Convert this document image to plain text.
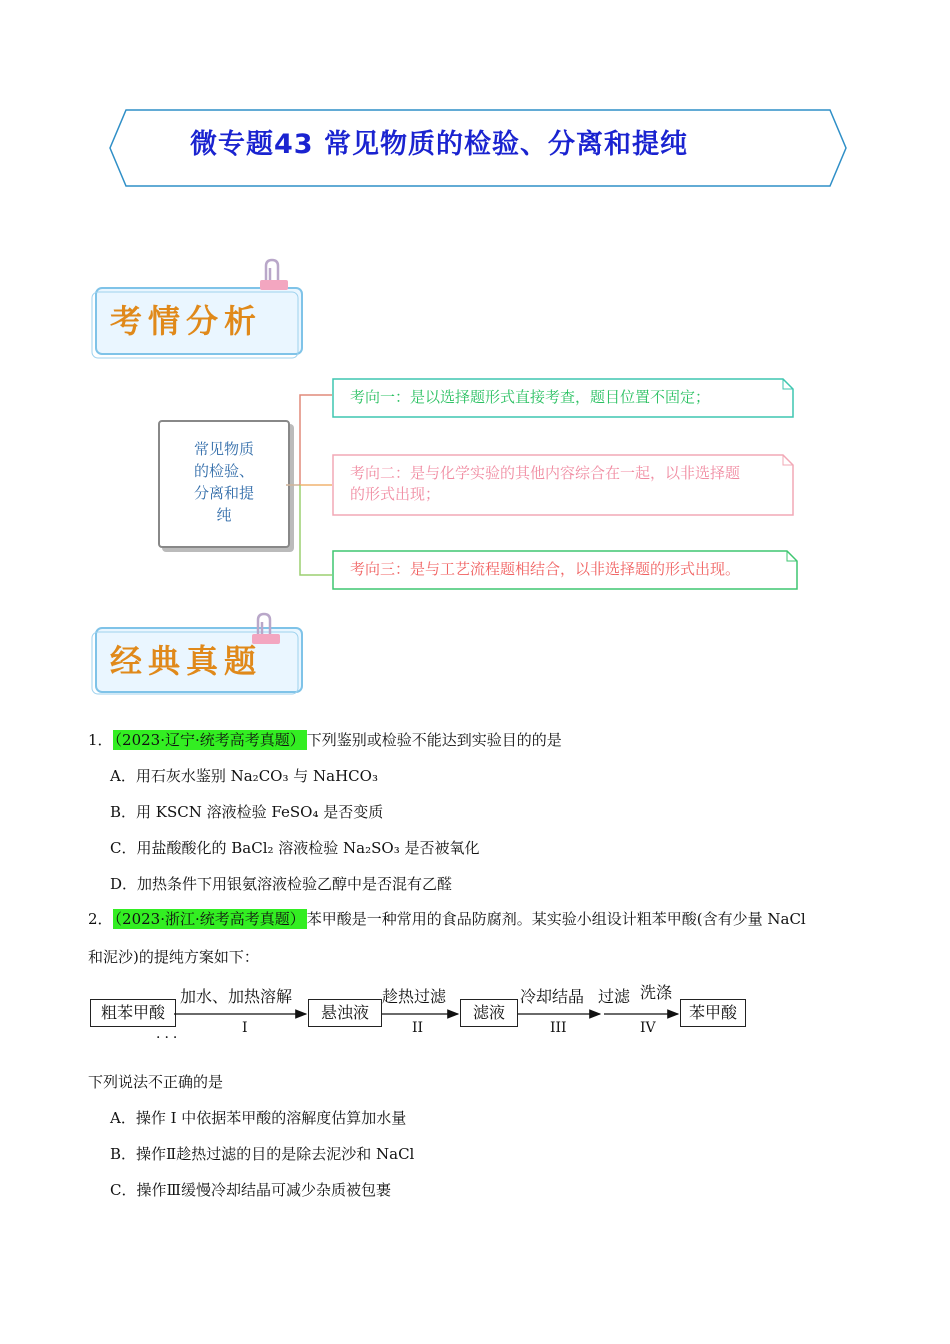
微专题43 常见物质的检验、分离和提纯
考情分析
常见物质
的检验、
分离和提
纯
考向一：是以选择题形式直接考查，题目位置不固定；
考向二：是与化学实验的其他内容综合在一起，以非选择题
的形式出现；
考向三：是与工艺流程题相结合，以非选择题的形式出现。
经典真题
1． （2023·辽宁·统考高考真题） 下列鉴别或检验不能达到实验目的的是
A．用石灰水鉴别 Na₂CO₃ 与 NaHCO₃
B．用 KSCN 溶液检验 FeSO₄ 是否变质
C．用盐酸酸化的 BaCl₂ 溶液检验 Na₂SO₃ 是否被氧化
D．加热条件下用银氨溶液检验乙醇中是否混有乙醛
2． （2023·浙江·统考高考真题） 苯甲酸是一种常用的食品防腐剂。某实验小组设计粗苯甲酸(含有少量 NaCl
和泥沙)的提纯方案如下：
粗苯甲酸	悬浊液	滤液	苯甲酸
加水、加热溶解	趁热过滤	冷却结晶 过滤 洗涤
I	II	III	IV
···
下列说法不正确的是
A．操作 I 中依据苯甲酸的溶解度估算加水量
B．操作Ⅱ趁热过滤的目的是除去泥沙和 NaCl
C．操作Ⅲ缓慢冷却结晶可减少杂质被包裹
